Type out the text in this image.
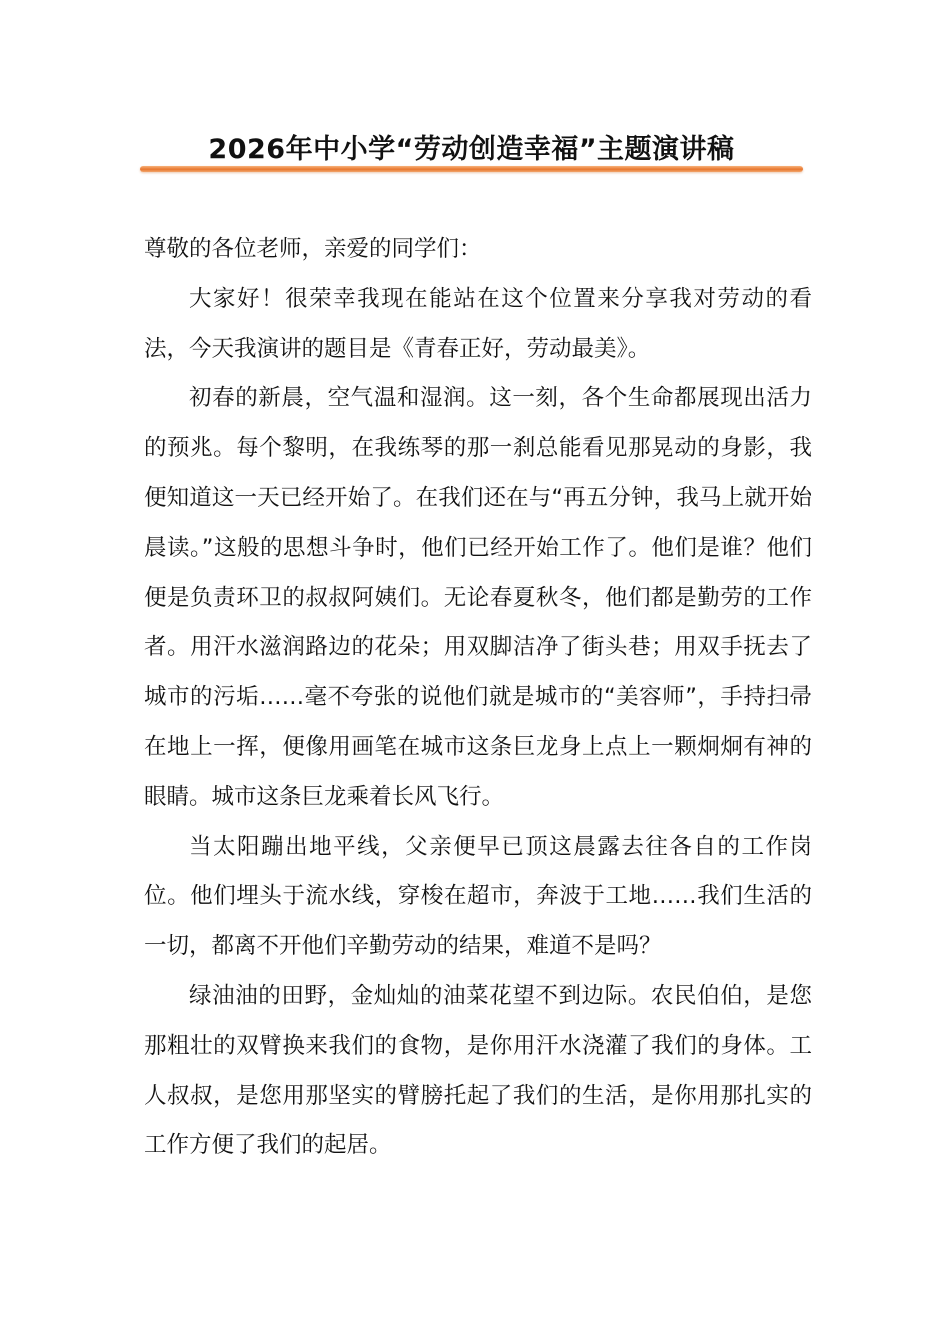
2026年中小学“劳动创造幸福”主题演讲稿

尊敬的各位老师，亲爱的同学们：

大家好！很荣幸我现在能站在这个位置来分享我对劳动的看法，今天我演讲的题目是《青春正好，劳动最美》。

初春的新晨，空气温和湿润。这一刻，各个生命都展现出活力的预兆。每个黎明，在我练琴的那一刹总能看见那晃动的身影，我便知道这一天已经开始了。在我们还在与“再五分钟，我马上就开始晨读。”这般的思想斗争时，他们已经开始工作了。他们是谁？他们便是负责环卫的叔叔阿姨们。无论春夏秋冬，他们都是勤劳的工作者。用汗水滋润路边的花朵；用双脚洁净了街头巷；用双手抚去了城市的污垢……毫不夸张的说他们就是城市的“美容师”，手持扫帚在地上一挥，便像用画笔在城市这条巨龙身上点上一颗炯炯有神的眼睛。城市这条巨龙乘着长风飞行。

当太阳蹦出地平线，父亲便早已顶这晨露去往各自的工作岗位。他们埋头于流水线，穿梭在超市，奔波于工地……我们生活的一切，都离不开他们辛勤劳动的结果，难道不是吗？

绿油油的田野，金灿灿的油菜花望不到边际。农民伯伯，是您那粗壮的双臂换来我们的食物，是你用汗水浇灌了我们的身体。工人叔叔，是您用那坚实的臂膀托起了我们的生活，是你用那扎实的工作方便了我们的起居。
